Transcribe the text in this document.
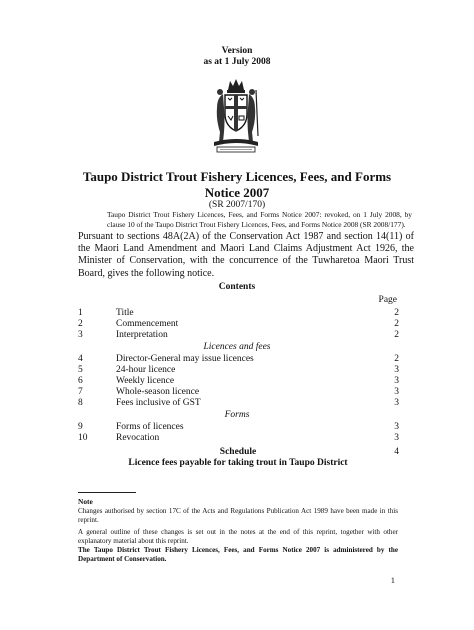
Version
as at 1 July 2008
Taupo District Trout Fishery Licences, Fees, and Forms
Notice 2007
(SR 2007/170)
Taupo District Trout Fishery Licences, Fees, and Forms Notice 2007: revoked, on 1 July 2008, by clause 10 of the Taupo District Trout Fishery Licences, Fees, and Forms Notice 2008 (SR 2008/177).
Pursuant to sections 48A(2A) of the Conservation Act 1987 and section 14(11) of the Maori Land Amendment and Maori Land Claims Adjustment Act 1926, the Minister of Conservation, with the concurrence of the Tuwharetoa Maori Trust Board, gives the following notice.
Contents
Page
1	Title	2
2	Commencement	2
3	Interpretation	2
Licences and fees
4	Director-General may issue licences	2
5	24-hour licence	3
6	Weekly licence	3
7	Whole-season licence	3
8	Fees inclusive of GST	3
Forms
9	Forms of licences	3
10	Revocation	3
Schedule	4
Licence fees payable for taking trout in Taupo District
Note
Changes authorised by section 17C of the Acts and Regulations Publication Act 1989 have been made in this reprint.
A general outline of these changes is set out in the notes at the end of this reprint, together with other explanatory material about this reprint.
The Taupo District Trout Fishery Licences, Fees, and Forms Notice 2007 is administered by the Department of Conservation.
1
